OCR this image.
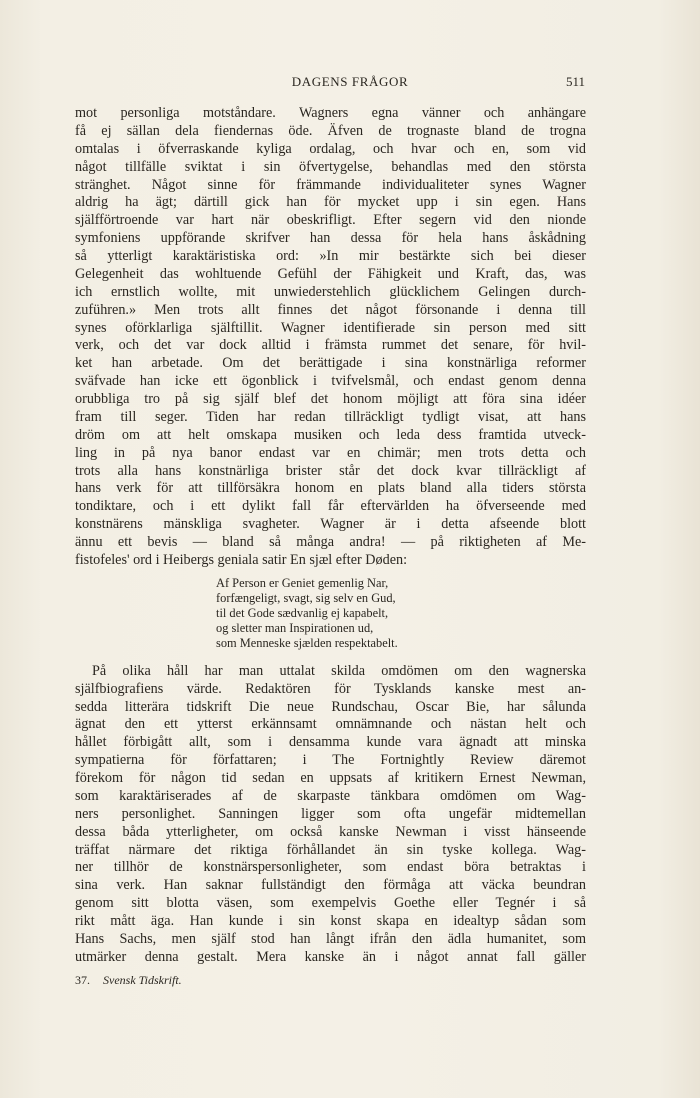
DAGENS FRÅGOR	511
mot personliga motståndare. Wagners egna vänner och anhängare
få ej sällan dela fiendernas öde. Äfven de trognaste bland de trogna
omtalas i öfverraskande kyliga ordalag, och hvar och en, som vid
något tillfälle sviktat i sin öfvertygelse, behandlas med den största
stränghet. Något sinne för främmande individualiteter synes Wagner
aldrig ha ägt; därtill gick han för mycket upp i sin egen. Hans
själfförtroende var hart när obeskrifligt. Efter segern vid den nionde
symfoniens uppförande skrifver han dessa för hela hans åskådning
så ytterligt karaktäristiska ord: »In mir bestärkte sich bei dieser
Gelegenheit das wohltuende Gefühl der Fähigkeit und Kraft, das, was
ich ernstlich wollte, mit unwiederstehlich glücklichem Gelingen durch-
zuführen.» Men trots allt finnes det något försonande i denna till
synes oförklarliga själftillit. Wagner identifierade sin person med sitt
verk, och det var dock alltid i främsta rummet det senare, för hvil-
ket han arbetade. Om det berättigade i sina konstnärliga reformer
sväfvade han icke ett ögonblick i tvifvelsmål, och endast genom denna
orubbliga tro på sig själf blef det honom möjligt att föra sina idéer
fram till seger. Tiden har redan tillräckligt tydligt visat, att hans
dröm om att helt omskapa musiken och leda dess framtida utveck-
ling in på nya banor endast var en chimär; men trots detta och
trots alla hans konstnärliga brister står det dock kvar tillräckligt af
hans verk för att tillförsäkra honom en plats bland alla tiders största
tondiktare, och i ett dylikt fall får eftervärlden ha öfverseende med
konstnärens mänskliga svagheter. Wagner är i detta afseende blott
ännu ett bevis — bland så många andra! — på riktigheten af Me-
fistofeles' ord i Heibergs geniala satir En sjæl efter Døden:
Af Person er Geniet gemenlig Nar,
forfængeligt, svagt, sig selv en Gud,
til det Gode sædvanlig ej kapabelt,
og sletter man Inspirationen ud,
som Menneske sjælden respektabelt.
På olika håll har man uttalat skilda omdömen om den wagnerska
själfbiografiens värde. Redaktören för Tysklands kanske mest an-
sedda litterära tidskrift Die neue Rundschau, Oscar Bie, har sålunda
ägnat den ett ytterst erkännsamt omnämnande och nästan helt och
hållet förbigått allt, som i densamma kunde vara ägnadt att minska
sympatierna för författaren; i The Fortnightly Review däremot
förekom för någon tid sedan en uppsats af kritikern Ernest Newman,
som karaktäriserades af de skarpaste tänkbara omdömen om Wag-
ners personlighet. Sanningen ligger som ofta ungefär midtemellan
dessa båda ytterligheter, om också kanske Newman i visst hänseende
träffat närmare det riktiga förhållandet än sin tyske kollega. Wag-
ner tillhör de konstnärspersonligheter, som endast böra betraktas i
sina verk. Han saknar fullständigt den förmåga att väcka beundran
genom sitt blotta väsen, som exempelvis Goethe eller Tegnér i så
rikt mått äga. Han kunde i sin konst skapa en idealtyp sådan som
Hans Sachs, men själf stod han långt ifrån den ädla humanitet, som
utmärker denna gestalt. Mera kanske än i något annat fall gäller
37. Svensk Tidskrift.
